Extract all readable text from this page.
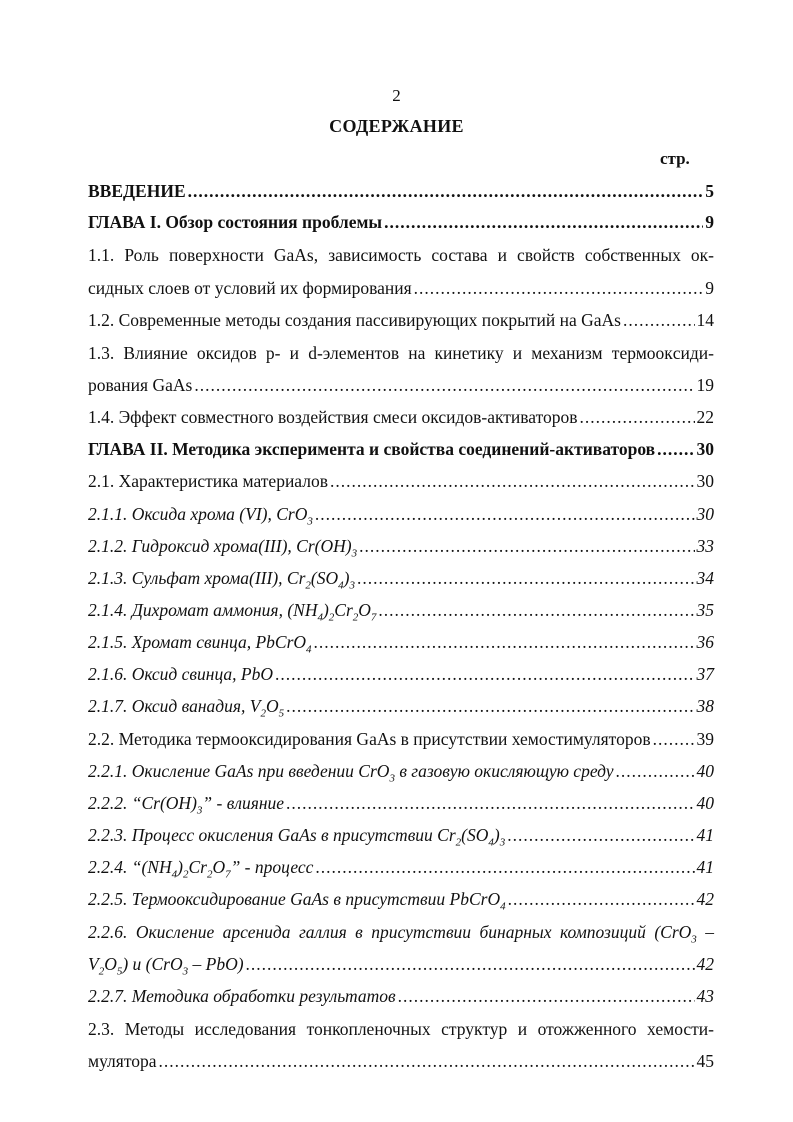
2
СОДЕРЖАНИЕ
стр.
ВВЕДЕНИЕ .....	5
ГЛАВА I. Обзор состояния проблемы .....	9
1.1. Роль поверхности GaAs, зависимость состава и свойств собственных ок-
сидных слоев от условий их формирования .....	9
1.2. Современные методы создания пассивирующих покрытий на GaAs .....	14
1.3. Влияние оксидов p- и d-элементов на кинетику и механизм термоокcиди-
рования GaAs .....	19
1.4. Эффект совместного воздействия смеси оксидов-активаторов .....	22
ГЛАВА II. Методика эксперимента и свойства соединений-активаторов ..... 30
2.1. Характеристика материалов .....	30
2.1.1. Оксида хрома (VI), CrO$_3$ .....	30
2.1.2. Гидроксид хрома(III), $Cr(OH)_3$ .....	33
2.1.3. Сульфат хрома(III), $Cr_2(SO_4)_3$ .....	34
2.1.4. Дихромат аммония, $(NH_4)_2Cr_2O_7$ .....	35
2.1.5. Хромат свинца, PbCrO$_4$ .....	36
2.1.6. Оксид свинца, PbO .....	37
2.1.7. Оксид ванадия, $V_2O_5$ .....	38
2.2. Методика термооксидирования GaAs в присутствии хемостимуляторов .....	39
2.2.1. Окисление GaAs при введении CrO$_3$ в газовую окисляющую среду .....	40
2.2.2. “$Cr(OH)_3$” - влияние .....	40
2.2.3. Процесс окисления GaAs в присутствии $Cr_2(SO_4)_3$ .....	41
2.2.4. “$(NH_4)_2Cr_2O_7$” - процесс .....	41
2.2.5. Термооксидирование GaAs в присутствии PbCrO$_4$ .....	42
2.2.6. Окисление арсенида галлия в присутствии бинарных композиций (CrO$_3$ –
$V_2O_5$) и (CrO$_3$ – PbO) .....	42
2.2.7. Методика обработки результатов .....	43
2.3. Методы исследования тонкопленочных структур и отожженного хемости-
мулятора .....	45
